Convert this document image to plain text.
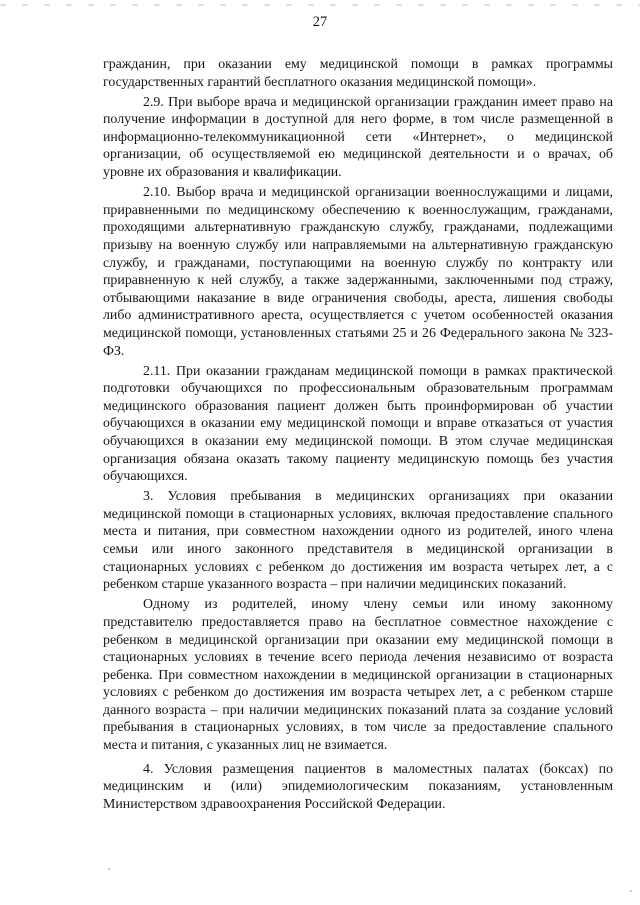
27

гражданин, при оказании ему медицинской помощи в рамках программы государственных гарантий бесплатного оказания медицинской помощи».

2.9. При выборе врача и медицинской организации гражданин имеет право на получение информации в доступной для него форме, в том числе размещенной в информационно-телекоммуникационной сети «Интернет», о медицинской организации, об осуществляемой ею медицинской деятельности и о врачах, об уровне их образования и квалификации.

2.10. Выбор врача и медицинской организации военнослужащими и лицами, приравненными по медицинскому обеспечению к военнослужащим, гражданами, проходящими альтернативную гражданскую службу, гражданами, подлежащими призыву на военную службу или направляемыми на альтернативную гражданскую службу, и гражданами, поступающими на военную службу по контракту или приравненную к ней службу, а также задержанными, заключенными под стражу, отбывающими наказание в виде ограничения свободы, ареста, лишения свободы либо административного ареста, осуществляется с учетом особенностей оказания медицинской помощи, установленных статьями 25 и 26 Федерального закона № 323-ФЗ.

2.11. При оказании гражданам медицинской помощи в рамках практической подготовки обучающихся по профессиональным образовательным программам медицинского образования пациент должен быть проинформирован об участии обучающихся в оказании ему медицинской помощи и вправе отказаться от участия обучающихся в оказании ему медицинской помощи. В этом случае медицинская организация обязана оказать такому пациенту медицинскую помощь без участия обучающихся.

3. Условия пребывания в медицинских организациях при оказании медицинской помощи в стационарных условиях, включая предоставление спального места и питания, при совместном нахождении одного из родителей, иного члена семьи или иного законного представителя в медицинской организации в стационарных условиях с ребенком до достижения им возраста четырех лет, а с ребенком старше указанного возраста – при наличии медицинских показаний.

Одному из родителей, иному члену семьи или иному законному представителю предоставляется право на бесплатное совместное нахождение с ребенком в медицинской организации при оказании ему медицинской помощи в стационарных условиях в течение всего периода лечения независимо от возраста ребенка. При совместном нахождении в медицинской организации в стационарных условиях с ребенком до достижения им возраста четырех лет, а с ребенком старше данного возраста – при наличии медицинских показаний плата за создание условий пребывания в стационарных условиях, в том числе за предоставление спального места и питания, с указанных лиц не взимается.

4. Условия размещения пациентов в маломестных палатах (боксах) по медицинским и (или) эпидемиологическим показаниям, установленным Министерством здравоохранения Российской Федерации.
